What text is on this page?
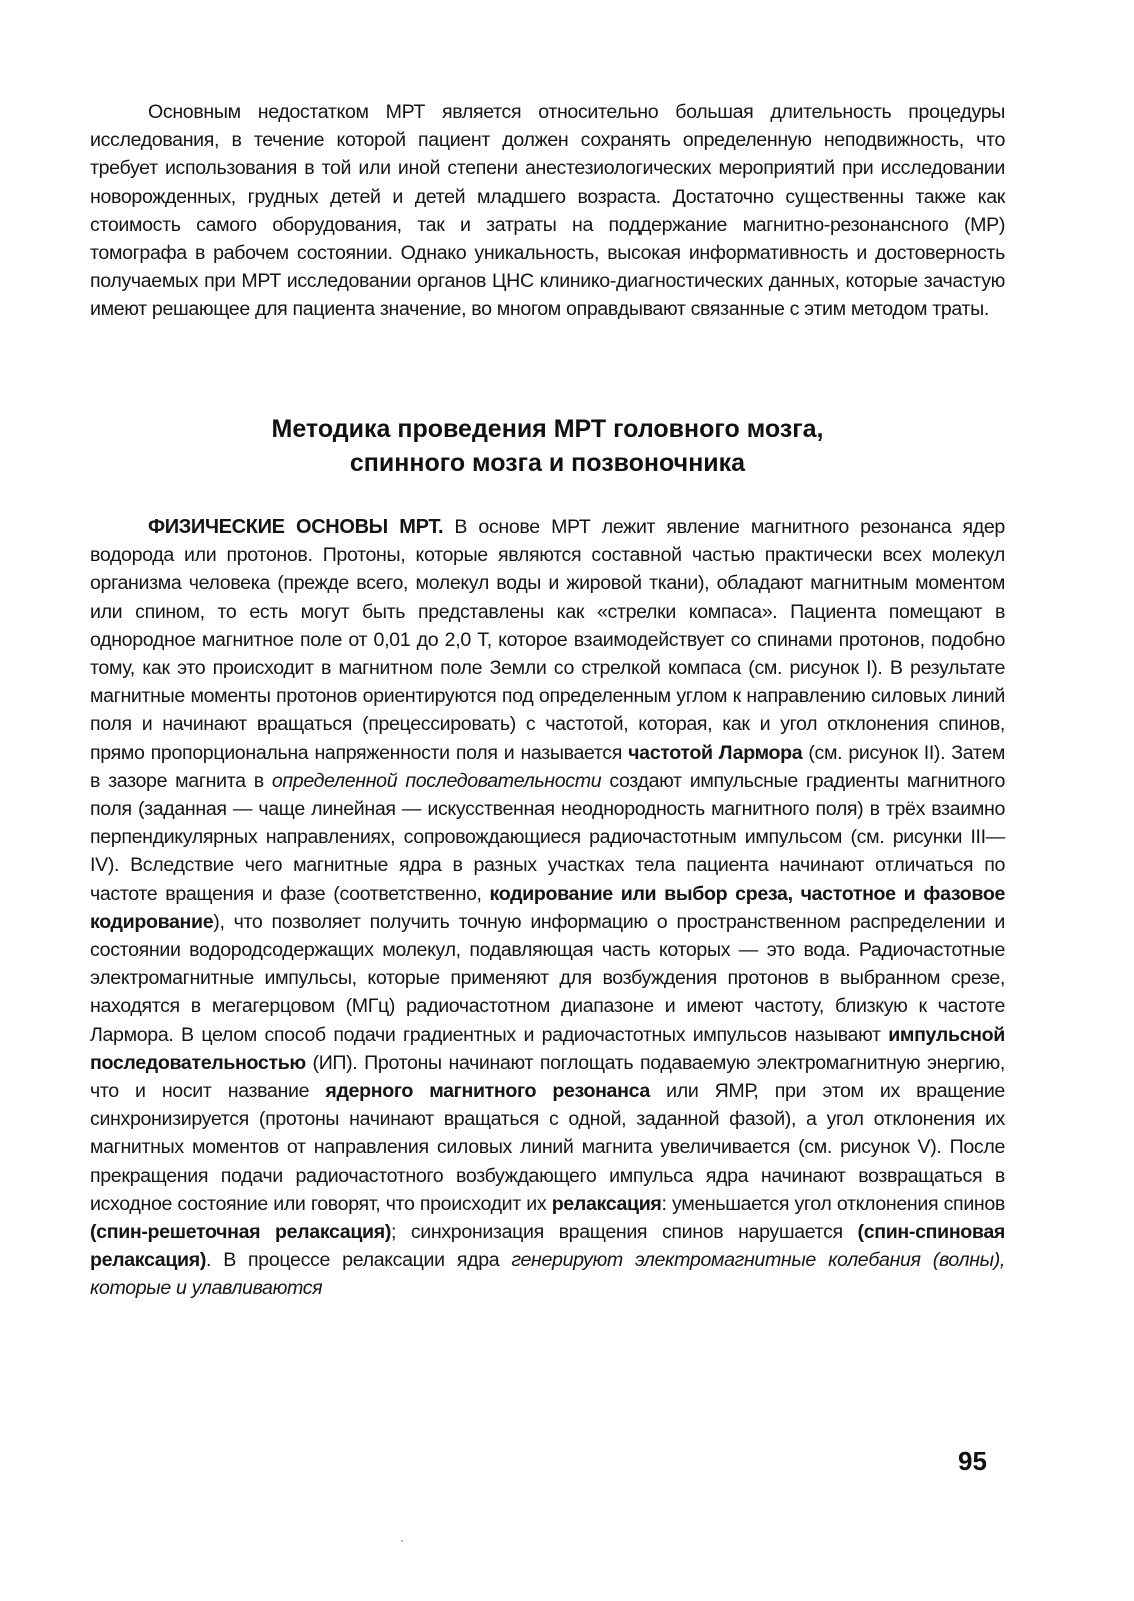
Основным недостатком МРТ является относительно большая длительность процедуры исследования, в течение которой пациент должен сохранять определенную неподвижность, что требует использования в той или иной степени анестезиологических мероприятий при исследовании новорожденных, грудных детей и детей младшего возраста. Достаточно существенны также как стоимость самого оборудования, так и затраты на поддержание магнитно-резонансного (МР) томографа в рабочем состоянии. Однако уникальность, высокая информативность и достоверность получаемых при МРТ исследовании органов ЦНС клинико-диагностических данных, которые зачастую имеют решающее для пациента значение, во многом оправдывают связанные с этим методом траты.

Методика проведения МРТ головного мозга,
спинного мозга и позвоночника

ФИЗИЧЕСКИЕ ОСНОВЫ МРТ. В основе МРТ лежит явление магнитного резонанса ядер водорода или протонов. Протоны, которые являются составной частью практически всех молекул организма человека (прежде всего, молекул воды и жировой ткани), обладают магнитным моментом или спином, то есть могут быть представлены как «стрелки компаса». Пациента помещают в однородное магнитное поле от 0,01 до 2,0 Т, которое взаимодействует со спинами протонов, подобно тому, как это происходит в магнитном поле Земли со стрелкой компаса (см. рисунок I). В результате магнитные моменты протонов ориентируются под определенным углом к направлению силовых линий поля и начинают вращаться (прецессировать) с частотой, которая, как и угол отклонения спинов, прямо пропорциональна напряженности поля и называется частотой Лармора (см. рисунок II). Затем в зазоре магнита в определенной последовательности создают импульсные градиенты магнитного поля (заданная — чаще линейная — искусственная неоднородность магнитного поля) в трёх взаимно перпендикулярных направлениях, сопровождающиеся радиочастотным импульсом (см. рисунки III—IV). Вследствие чего магнитные ядра в разных участках тела пациента начинают отличаться по частоте вращения и фазе (соответственно, кодирование или выбор среза, частотное и фазовое кодирование), что позволяет получить точную информацию о пространственном распределении и состоянии водородсодержащих молекул, подавляющая часть которых — это вода. Радиочастотные электромагнитные импульсы, которые применяют для возбуждения протонов в выбранном срезе, находятся в мегагерцовом (МГц) радиочастотном диапазоне и имеют частоту, близкую к частоте Лармора. В целом способ подачи градиентных и радиочастотных импульсов называют импульсной последовательностью (ИП). Протоны начинают поглощать подаваемую электромагнитную энергию, что и носит название ядерного магнитного резонанса или ЯМР, при этом их вращение синхронизируется (протоны начинают вращаться с одной, заданной фазой), а угол отклонения их магнитных моментов от направления силовых линий магнита увеличивается (см. рисунок V). После прекращения подачи радиочастотного возбуждающего импульса ядра начинают возвращаться в исходное состояние или говорят, что происходит их релаксация: уменьшается угол отклонения спинов (спин-решеточная релаксация); синхронизация вращения спинов нарушается (спин-спиновая релаксация). В процессе релаксации ядра генерируют электромагнитные колебания (волны), которые и улавливаются

95
·
